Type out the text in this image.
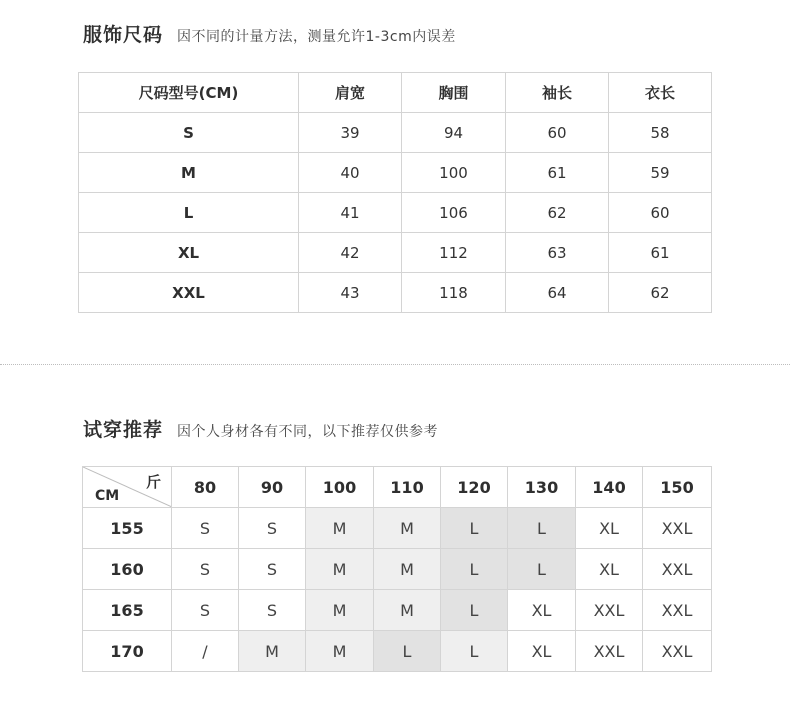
服饰尺码 因不同的计量方法，测量允许1-3cm内误差
尺码型号(CM)	肩宽	胸围	袖长	衣长
S	39	94	60	58
M	40	100	61	59
L	41	106	62	60
XL	42	112	63	61
XXL	43	118	64	62
试穿推荐 因个人身材各有不同，以下推荐仅供参考
斤
CM	80	90	100	110	120	130	140	150
155	S	S	M	M	L	L	XL	XXL
160	S	S	M	M	L	L	XL	XXL
165	S	S	M	M	L	XL	XXL	XXL
170	/	M	M	L	L	XL	XXL	XXL
